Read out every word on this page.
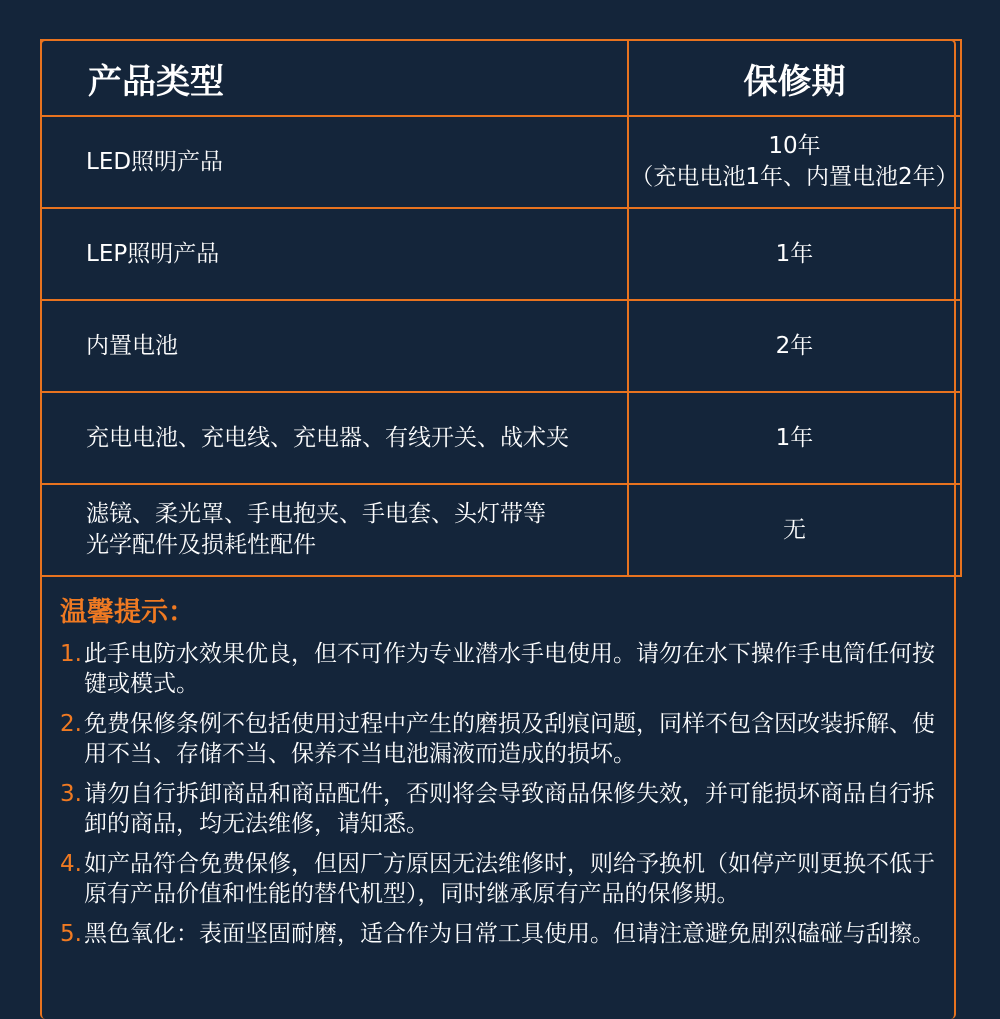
产品类型	保修期
LED照明产品	10年
（充电电池1年、内置电池2年）

LEP照明产品	1年
内置电池	2年
充电电池、充电线、充电器、有线开关、战术夹	1年

滤镜、柔光罩、手电抱夹、手电套、头灯带等
光学配件及损耗性配件	无
温馨提示：
1. 此手电防水效果优良，但不可作为专业潜水手电使用。请勿在水下操作手电筒任何按键或模式。
2. 免费保修条例不包括使用过程中产生的磨损及刮痕问题，同样不包含因改装拆解、使用不当、存储不当、保养不当电池漏液而造成的损坏。
3. 请勿自行拆卸商品和商品配件，否则将会导致商品保修失效，并可能损坏商品自行拆卸的商品，均无法维修，请知悉。
4. 如产品符合免费保修，但因厂方原因无法维修时，则给予换机（如停产则更换不低于原有产品价值和性能的替代机型），同时继承原有产品的保修期。
5. 黑色氧化：表面坚固耐磨，适合作为日常工具使用。但请注意避免剧烈磕碰与刮擦。
